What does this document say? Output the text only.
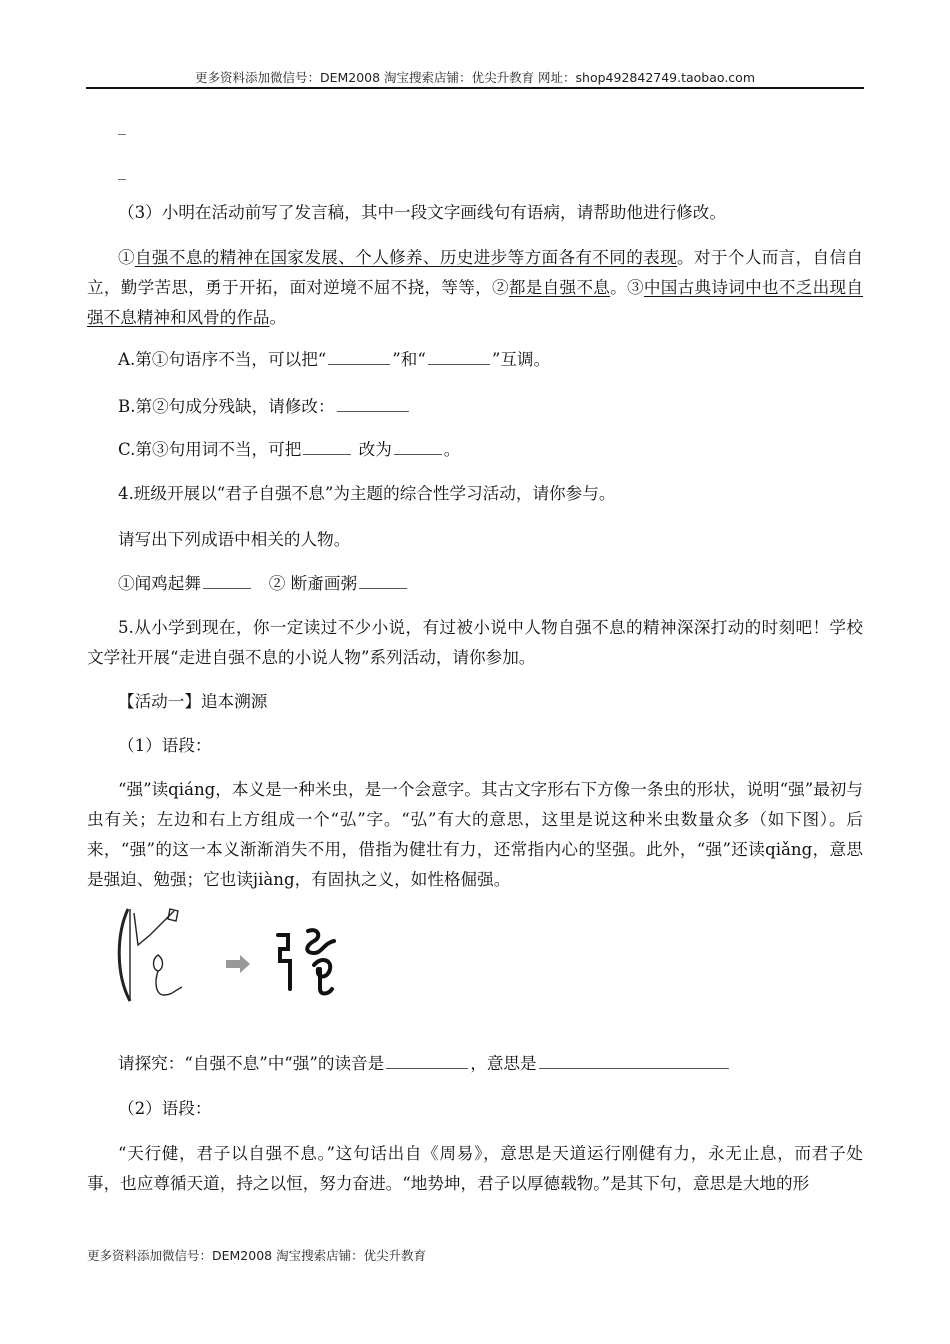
更多资料添加微信号：DEM2008 淘宝搜索店铺：优尖升教育 网址：shop492842749.taobao.com
_
_
（3）小明在活动前写了发言稿，其中一段文字画线句有语病，请帮助他进行修改。
①自强不息的精神在国家发展、个人修养、历史进步等方面各有不同的表现。对于个人而言，自信自立，勤学苦思，勇于开拓，面对逆境不屈不挠，等等，②都是自强不息。③中国古典诗词中也不乏出现自强不息精神和风骨的作品。
A.第①句语序不当，可以把“	”和“	”互调。
B.第②句成分残缺，请修改：
C.第③句用词不当，可把	改为	。
4.班级开展以“君子自强不息”为主题的综合性学习活动，请你参与。
请写出下列成语中相关的人物。
①闻鸡起舞	② 断齑画粥
5.从小学到现在，你一定读过不少小说，有过被小说中人物自强不息的精神深深打动的时刻吧！学校文学社开展“走进自强不息的小说人物”系列活动，请你参加。
【活动一】追本溯源
（1）语段：
“强”读qiáng，本义是一种米虫，是一个会意字。其古文字形右下方像一条虫的形状，说明“强”最初与虫有关；左边和右上方组成一个“弘”字。“弘”有大的意思，这里是说这种米虫数量众多（如下图）。后来，“强”的这一本义渐渐消失不用，借指为健壮有力，还常指内心的坚强。此外，“强”还读qiǎng，意思是强迫、勉强；它也读jiàng，有固执之义，如性格倔强。
请探究：“自强不息”中“强”的读音是	，意思是
（2）语段：
“天行健，君子以自强不息。”这句话出自《周易》，意思是天道运行刚健有力，永无止息，而君子处事，也应尊循天道，持之以恒，努力奋进。“地势坤，君子以厚德载物。”是其下句，意思是大地的形
更多资料添加微信号：DEM2008 淘宝搜索店铺：优尖升教育
